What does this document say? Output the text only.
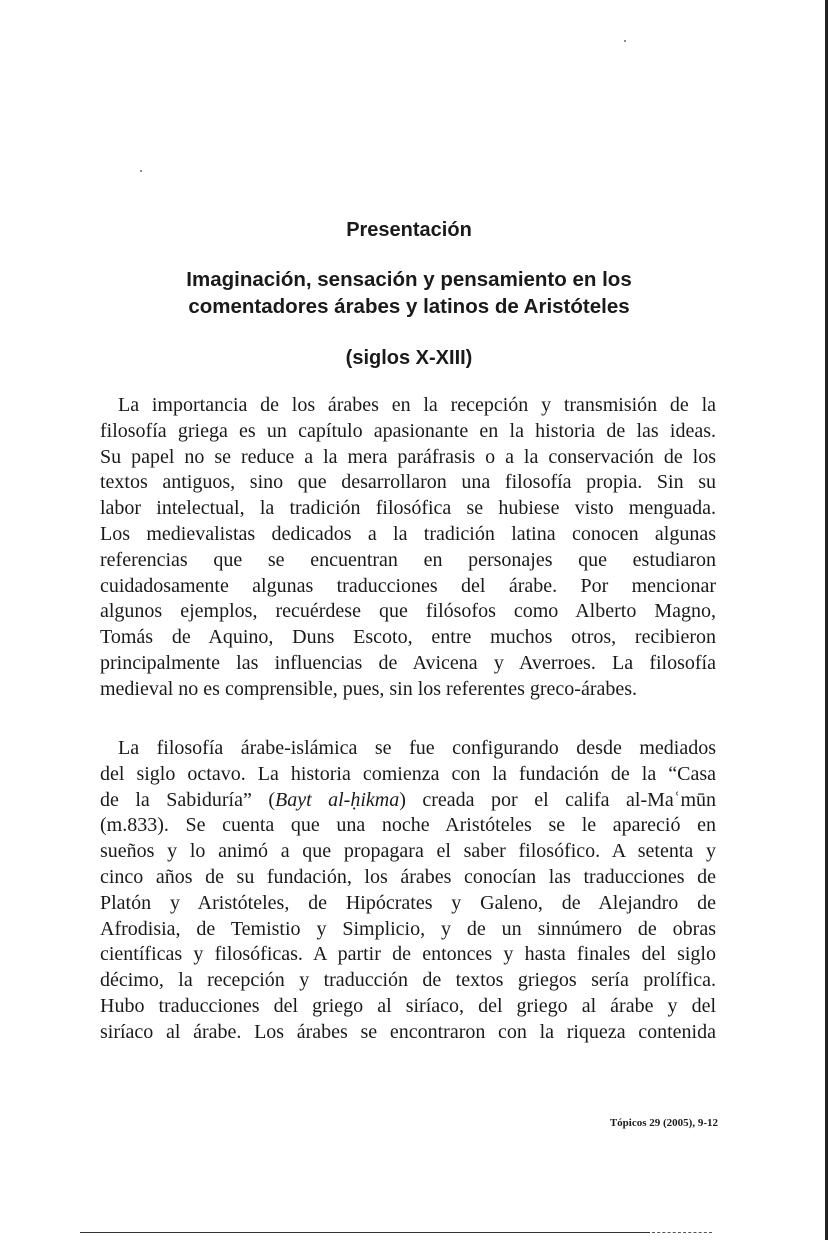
Presentación
Imaginación, sensación y pensamiento en los
comentadores árabes y latinos de Aristóteles
(siglos X-XIII)
La importancia de los árabes en la recepción y transmisión de la
filosofía griega es un capítulo apasionante en la historia de las ideas.
Su papel no se reduce a la mera paráfrasis o a la conservación de los
textos antiguos, sino que desarrollaron una filosofía propia. Sin su
labor intelectual, la tradición filosófica se hubiese visto menguada.
Los medievalistas dedicados a la tradición latina conocen algunas
referencias que se encuentran en personajes que estudiaron
cuidadosamente algunas traducciones del árabe. Por mencionar
algunos ejemplos, recuérdese que filósofos como Alberto Magno,
Tomás de Aquino, Duns Escoto, entre muchos otros, recibieron
principalmente las influencias de Avicena y Averroes. La filosofía
medieval no es comprensible, pues, sin los referentes greco-árabes.
La filosofía árabe-islámica se fue configurando desde mediados
del siglo octavo. La historia comienza con la fundación de la “Casa
de la Sabiduría” (Bayt al-ḥikma) creada por el califa al-Maʿmūn
(m.833). Se cuenta que una noche Aristóteles se le apareció en
sueños y lo animó a que propagara el saber filosófico. A setenta y
cinco años de su fundación, los árabes conocían las traducciones de
Platón y Aristóteles, de Hipócrates y Galeno, de Alejandro de
Afrodisia, de Temistio y Simplicio, y de un sinnúmero de obras
científicas y filosóficas. A partir de entonces y hasta finales del siglo
décimo, la recepción y traducción de textos griegos sería prolífica.
Hubo traducciones del griego al siríaco, del griego al árabe y del
siríaco al árabe. Los árabes se encontraron con la riqueza contenida

Tópicos 29 (2005), 9-12
